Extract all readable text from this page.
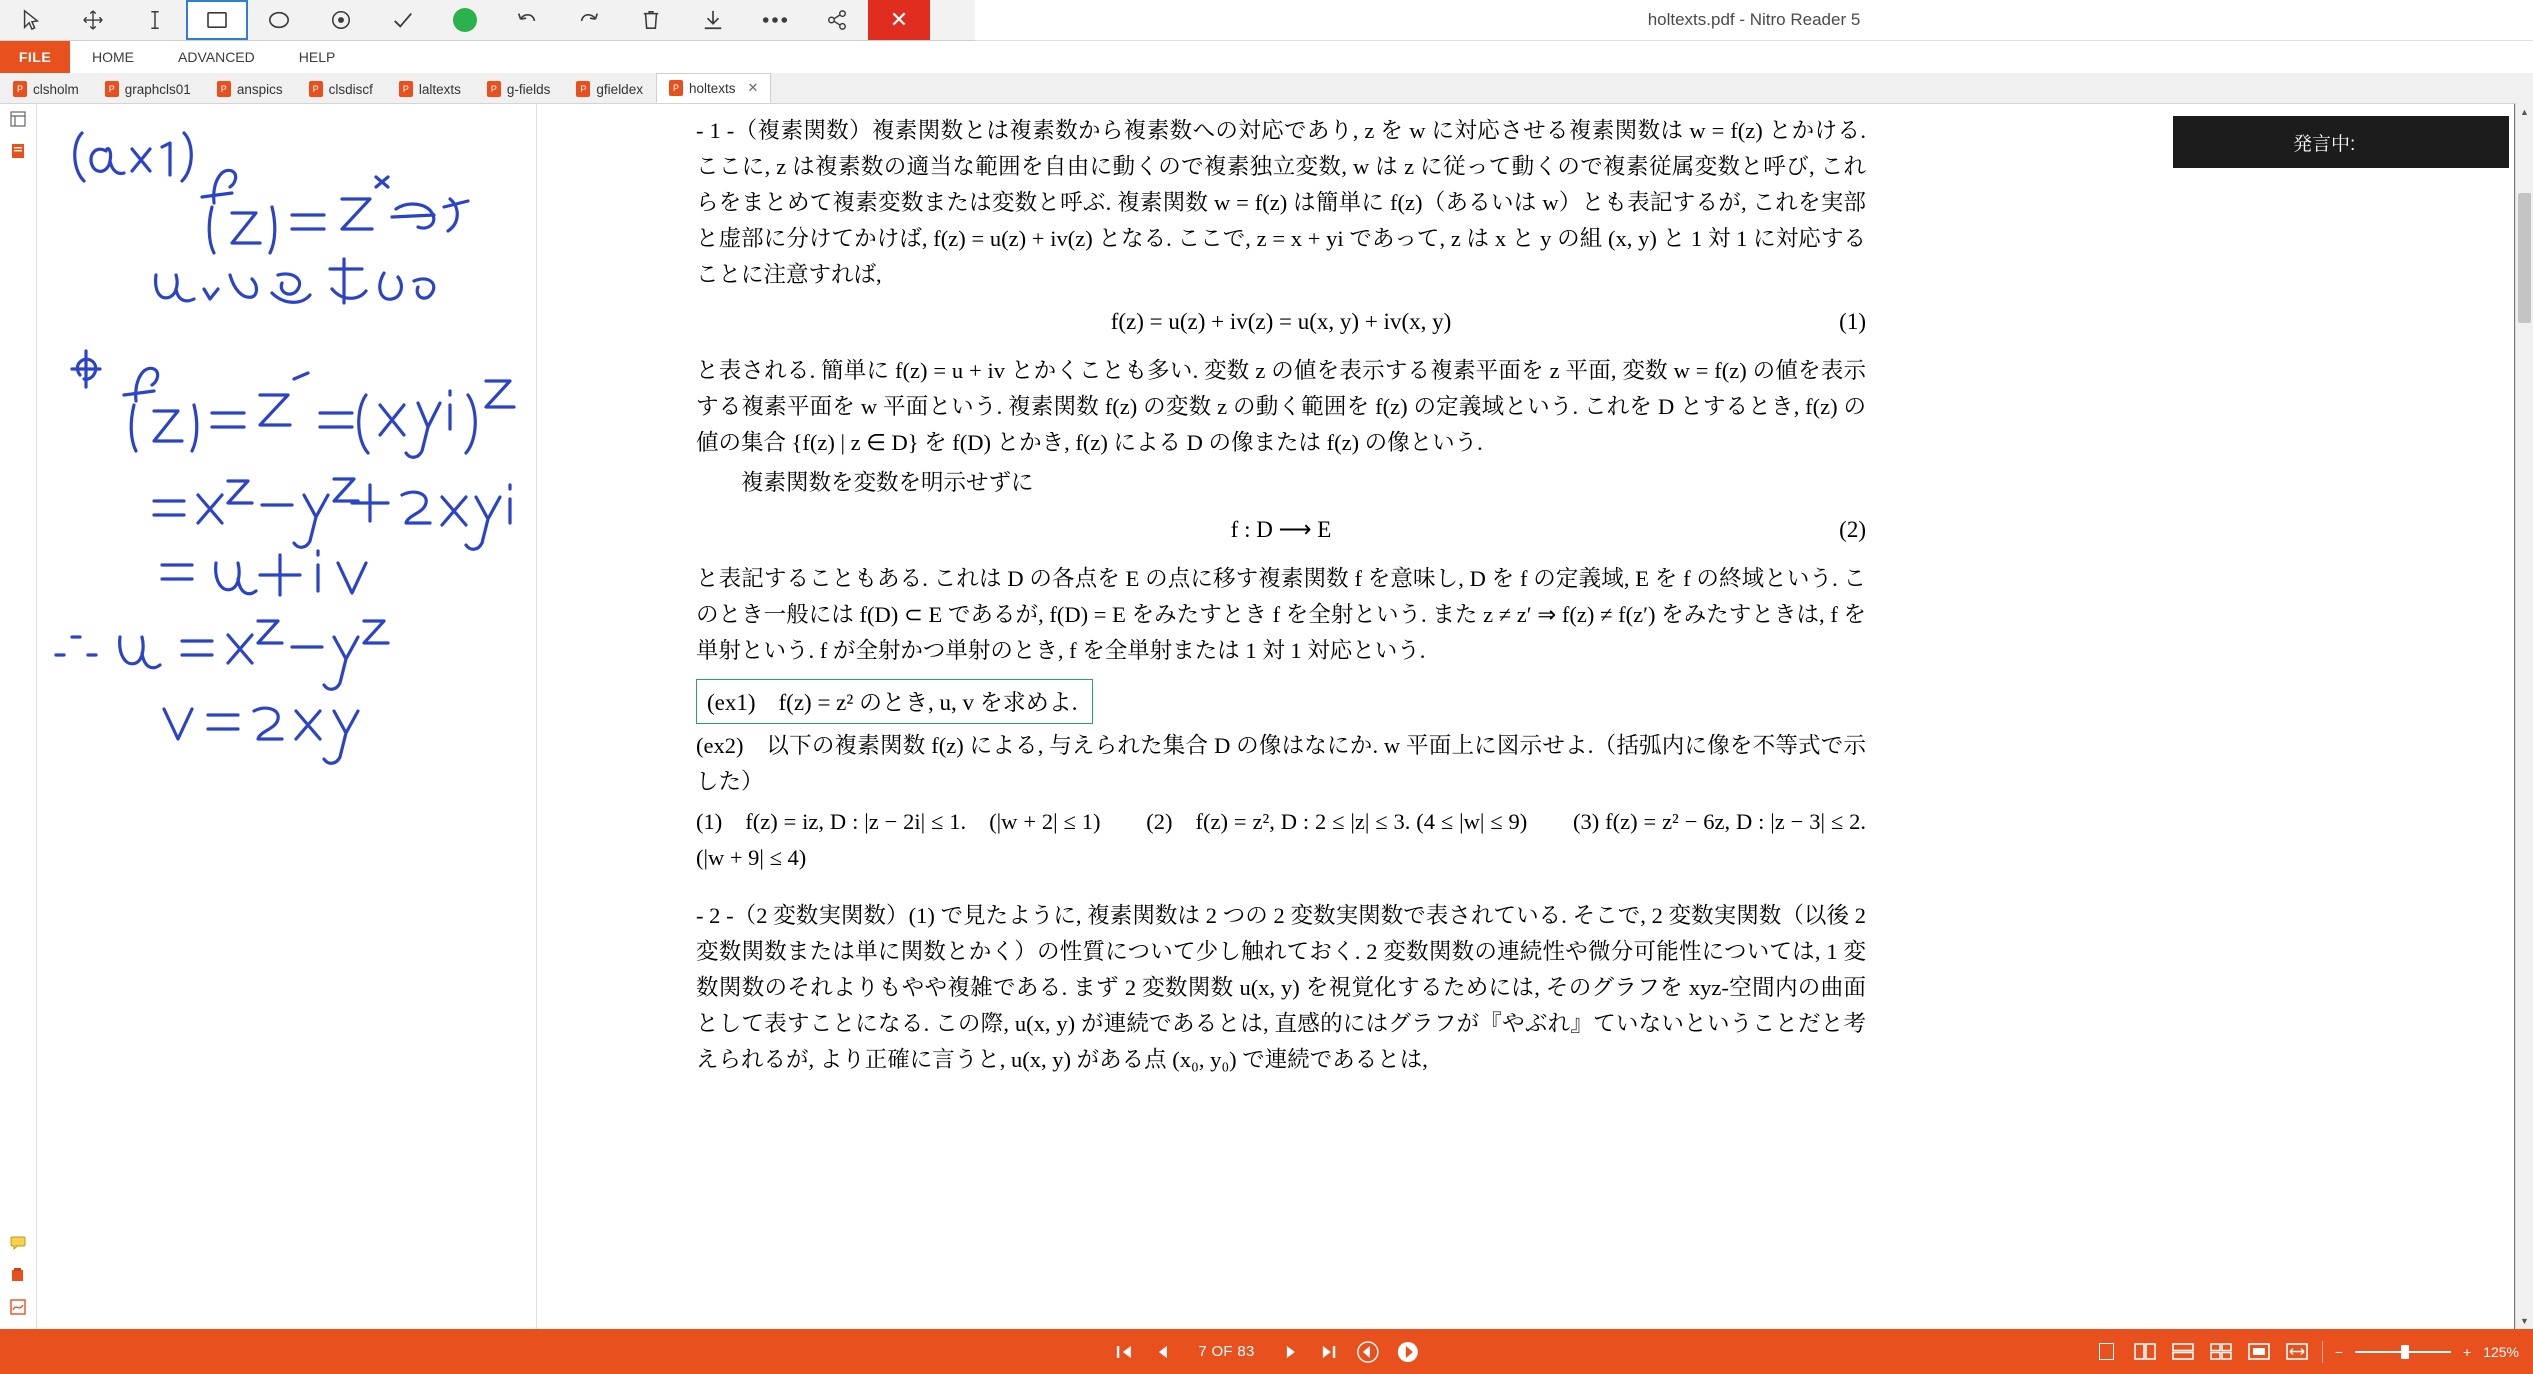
✕	holtexts.pdf - Nitro Reader 5
FILE	HOME	ADVANCED	HELP
P clsholm	P graphcls01	P anspics	P clsdiscf	P laltexts	P g-fields	P gfieldex	P holtexts ✕

- 1 -（複素関数）複素関数とは複素数から複素数への対応であり, z を w に対応させる複素関数は w = f(z) とかける. ここに, z は複素数の適当な範囲を自由に動くので複素独立変数, w は z に従って動くので複素従属変数と呼び, これらをまとめて複素変数または変数と呼ぶ. 複素関数 w = f(z) は簡単に f(z)（あるいは w）とも表記するが, これを実部と虚部に分けてかけば, f(z) = u(z) + iv(z) となる. ここで, z = x + yi であって, z は x と y の組 (x, y) と 1 対 1 に対応することに注意すれば,

f(z) = u(z) + iv(z) = u(x, y) + iv(x, y)	(1)

と表される. 簡単に f(z) = u + iv とかくことも多い. 変数 z の値を表示する複素平面を z 平面, 変数 w = f(z) の値を表示する複素平面を w 平面という. 複素関数 f(z) の変数 z の動く範囲を f(z) の定義域という. これを D とするとき, f(z) の値の集合 {f(z) | z ∈ D} を f(D) とかき, f(z) による D の像または f(z) の像という.

　　複素関数を変数を明示せずに

f : D ⟶ E	(2)

と表記することもある. これは D の各点を E の点に移す複素関数 f を意味し, D を f の定義域, E を f の終域という. このとき一般には f(D) ⊂ E であるが, f(D) = E をみたすとき f を全射という. また z ≠ z′ ⇒ f(z) ≠ f(z′) をみたすときは, f を単射という. f が全射かつ単射のとき, f を全単射または 1 対 1 対応という.

(ex1)　f(z) = z² のとき, u, v を求めよ.

(ex2)　以下の複素関数 f(z) による, 与えられた集合 D の像はなにか. w 平面上に図示せよ.（括弧内に像を不等式で示した）

(1)　f(z) = iz, D : |z − 2i| ≤ 1.　(|w + 2| ≤ 1)　　(2)　f(z) = z², D : 2 ≤ |z| ≤ 3. (4 ≤ |w| ≤ 9)　　(3) f(z) = z² − 6z, D : |z − 3| ≤ 2.　(|w + 9| ≤ 4)

- 2 -（2 変数実関数）(1) で見たように, 複素関数は 2 つの 2 変数実関数で表されている. そこで, 2 変数実関数（以後 2 変数関数または単に関数とかく）の性質について少し触れておく. 2 変数関数の連続性や微分可能性については, 1 変数関数のそれよりもやや複雑である. まず 2 変数関数 u(x, y) を視覚化するためには, そのグラフを xyz-空間内の曲面として表すことになる. この際, u(x, y) が連続であるとは, 直感的にはグラフが『やぶれ』ていないということだと考えられるが, より正確に言うと, u(x, y) がある点 (x₀, y₀) で連続であるとは,

▲
▼
発言中:
7 OF 83	−	+ 125%
